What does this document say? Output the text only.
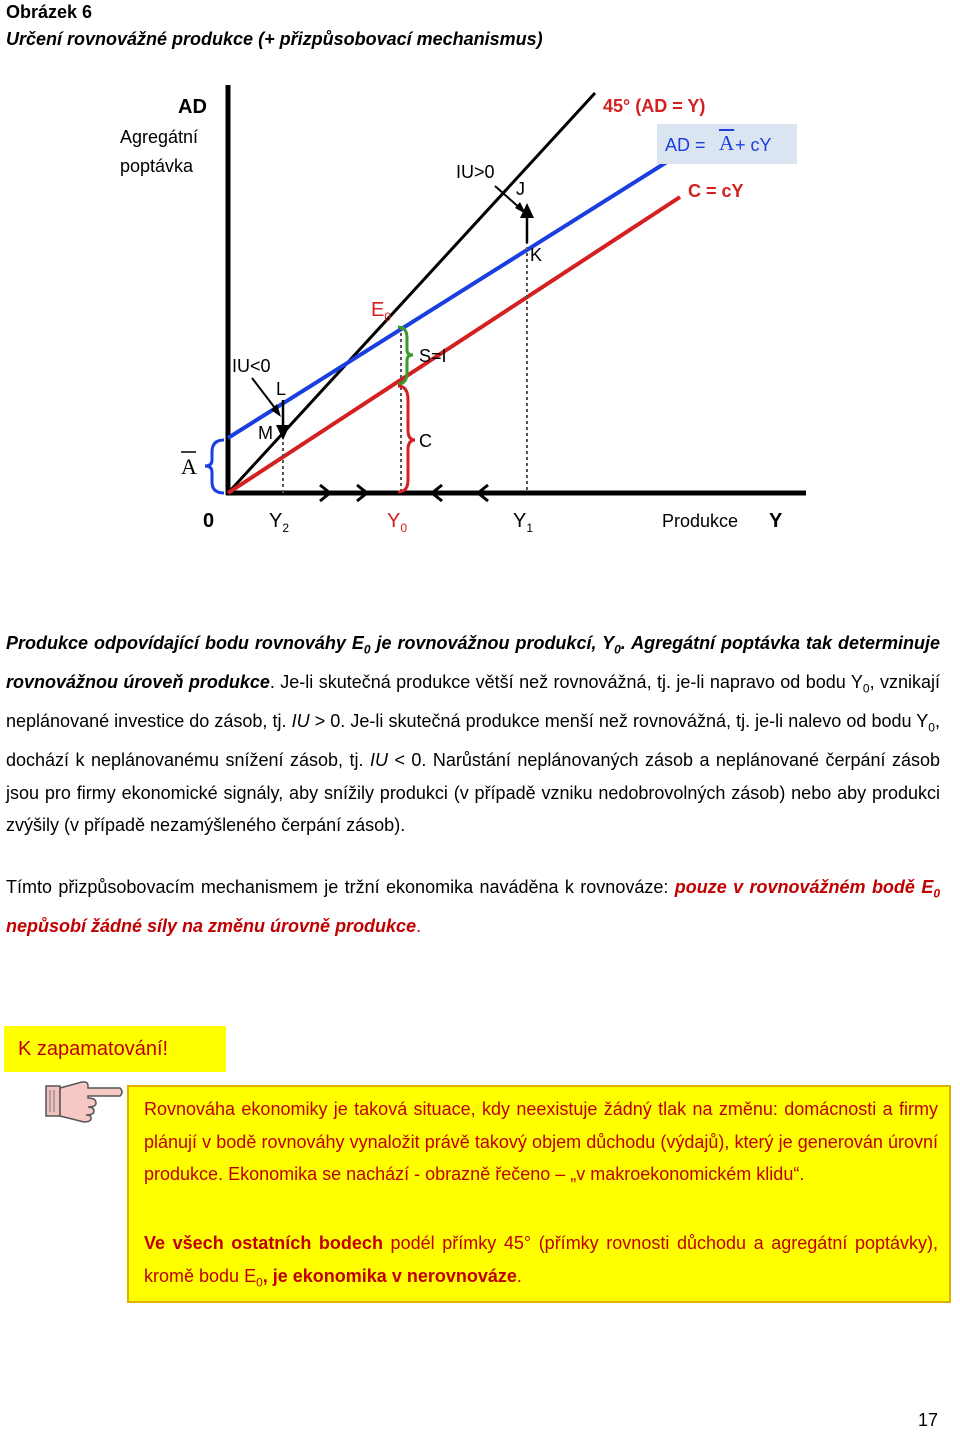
Obrázek 6
Určení rovnovážné produkce (+ přizpůsobovací mechanismus)
AD
Agregátní
poptávka
45° (AD = Y)
AD = $\overline{A}$ + cY
C = cY
IU>0
J
K
$E_0$
S=I
C
IU<0
L
M
A
0	$Y_2$	$Y_0$	$Y_1$	Produkce Y
Produkce odpovídající bodu rovnováhy $E_0$ je rovnovážnou produkcí, $Y_0$. Agregátní poptávka tak determinuje rovnovážnou úroveň produkce. Je-li skutečná produkce větší než rovnovážná, tj. je-li napravo od bodu $Y_0$, vznikají neplánované investice do zásob, tj. IU > 0. Je-li skutečná produkce menší než rovnovážná, tj. je-li nalevo od bodu $Y_0$, dochází k neplánovanému snížení zásob, tj. IU < 0. Narůstání neplánovaných zásob a neplánované čerpání zásob jsou pro firmy ekonomické signály, aby snížily produkci (v případě vzniku nedobrovolných zásob) nebo aby produkci zvýšily (v případě nezamýšleného čerpání zásob).
Tímto přizpůsobovacím mechanismem je tržní ekonomika naváděna k rovnováze: pouze v rovnovážném bodě $E_0$ nepůsobí žádné síly na změnu úrovně produkce.
K zapamatování!
Rovnováha ekonomiky je taková situace, kdy neexistuje žádný tlak na změnu: domácnosti a firmy plánují v bodě rovnováhy vynaložit právě takový objem důchodu (výdajů), který je generován úrovní produkce. Ekonomika se nachází - obrazně řečeno – „v makroekonomickém klidu“.
Ve všech ostatních bodech podél přímky 45° (přímky rovnosti důchodu a agregátní poptávky), kromě bodu $E_0$, je ekonomika v nerovnováze.
17
